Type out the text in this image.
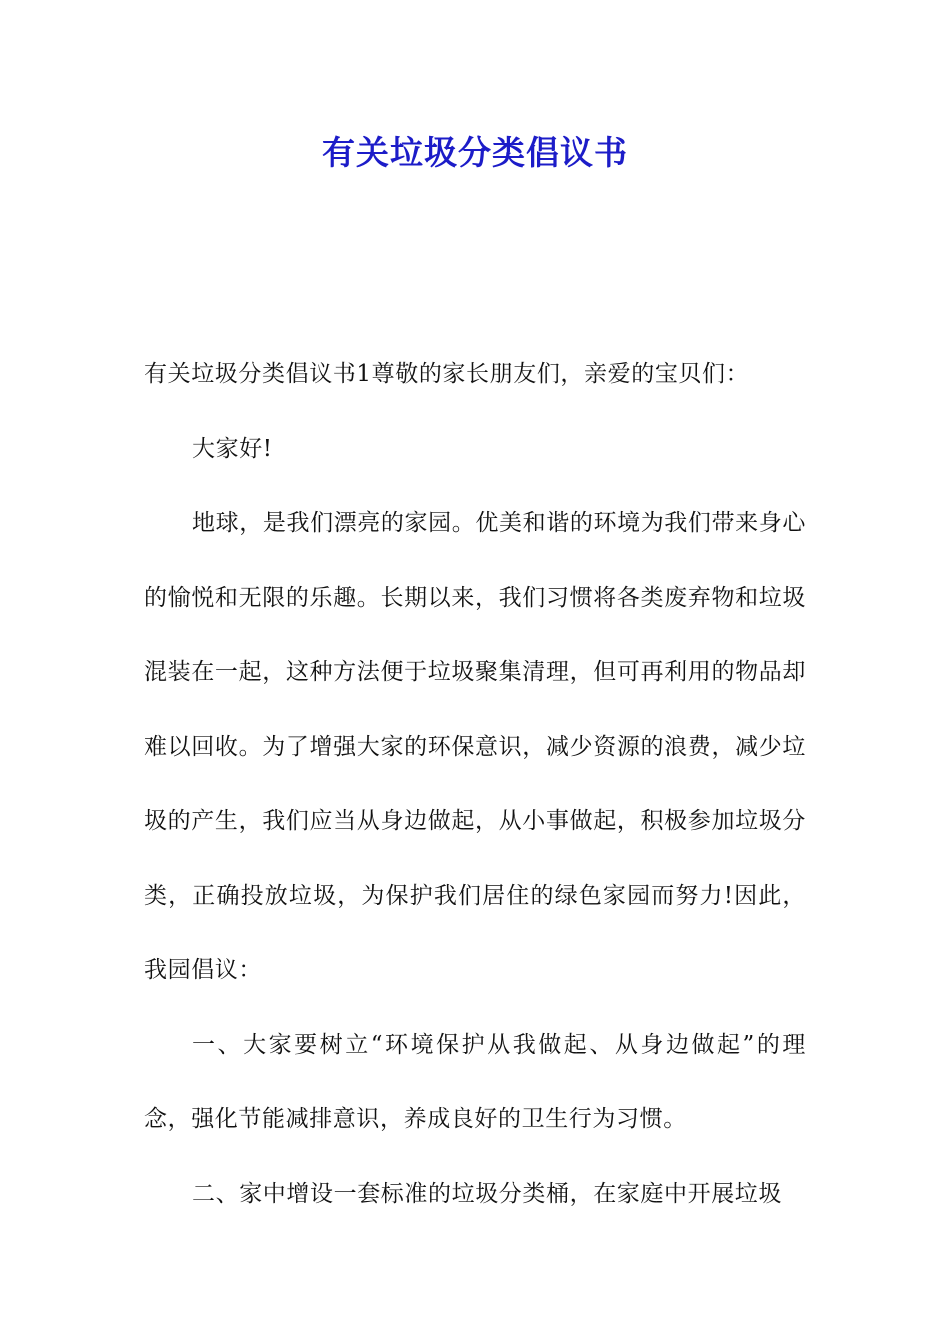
有关垃圾分类倡议书

有关垃圾分类倡议书1尊敬的家长朋友们，亲爱的宝贝们：

大家好!

地球，是我们漂亮的家园。优美和谐的环境为我们带来身心的愉悦和无限的乐趣。长期以来，我们习惯将各类废弃物和垃圾混装在一起，这种方法便于垃圾聚集清理，但可再利用的物品却难以回收。为了增强大家的环保意识，减少资源的浪费，减少垃圾的产生，我们应当从身边做起，从小事做起，积极参加垃圾分类，正确投放垃圾，为保护我们居住的绿色家园而努力!因此，我园倡议：

一、大家要树立“环境保护从我做起、从身边做起”的理念，强化节能减排意识，养成良好的卫生行为习惯。

二、家中增设一套标准的垃圾分类桶，在家庭中开展垃圾
